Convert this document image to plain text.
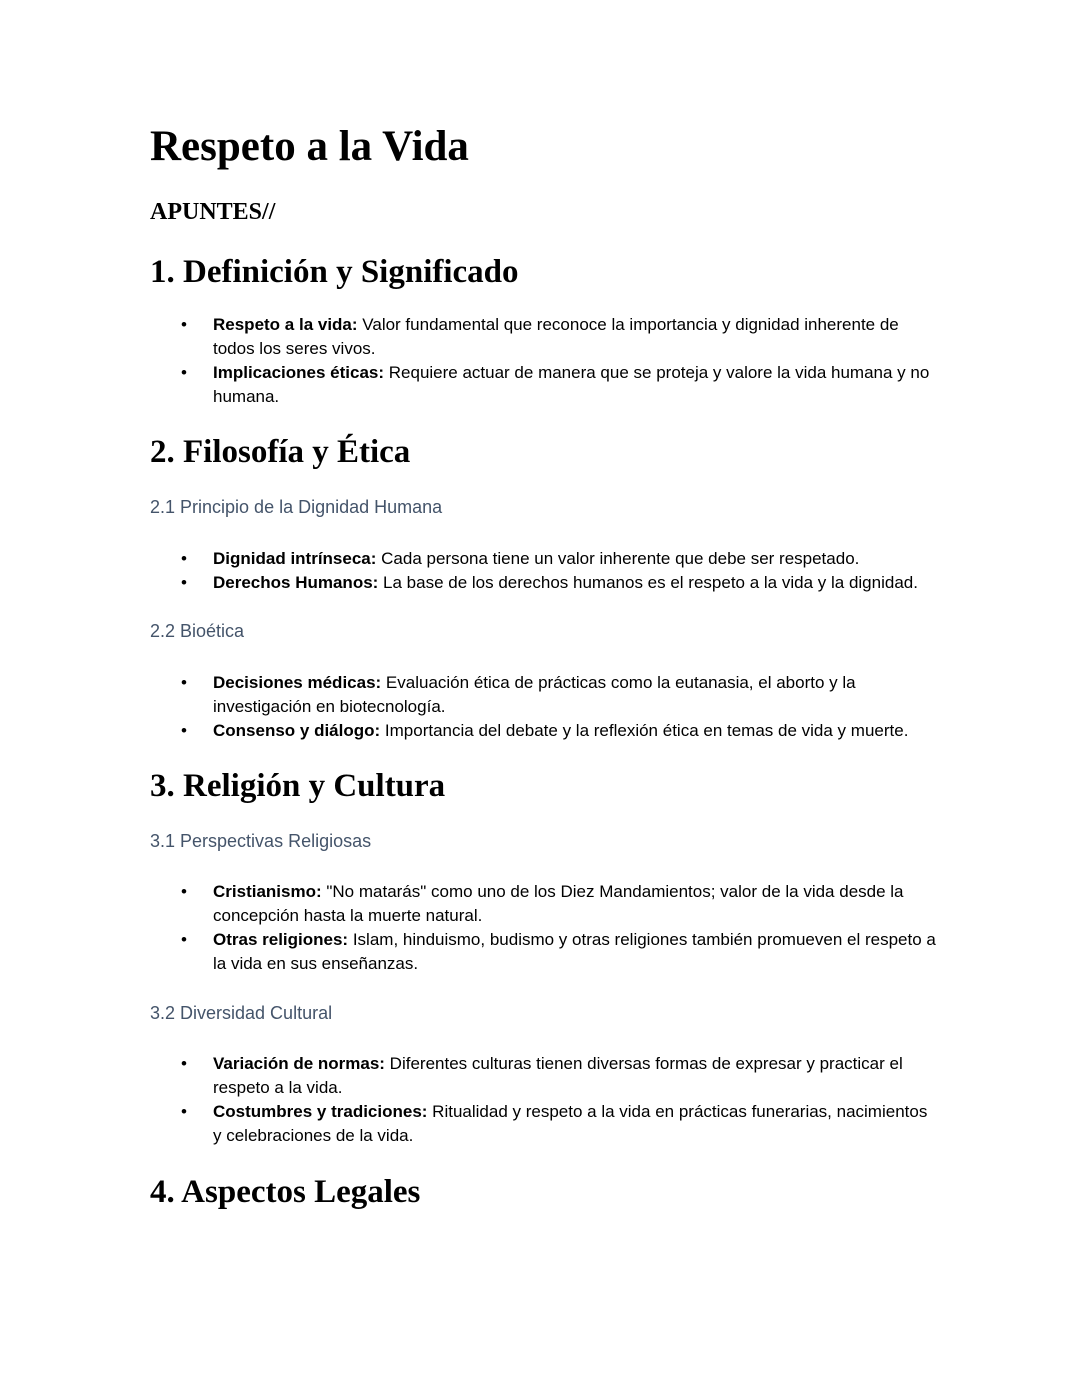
Respeto a la Vida
APUNTES//
1. Definición y Significado
• Respeto a la vida: Valor fundamental que reconoce la importancia y dignidad inherente de todos los seres vivos.
• Implicaciones éticas: Requiere actuar de manera que se proteja y valore la vida humana y no humana.
2. Filosofía y Ética
2.1 Principio de la Dignidad Humana
• Dignidad intrínseca: Cada persona tiene un valor inherente que debe ser respetado.
• Derechos Humanos: La base de los derechos humanos es el respeto a la vida y la dignidad.
2.2 Bioética
• Decisiones médicas: Evaluación ética de prácticas como la eutanasia, el aborto y la investigación en biotecnología.
• Consenso y diálogo: Importancia del debate y la reflexión ética en temas de vida y muerte.
3. Religión y Cultura
3.1 Perspectivas Religiosas
• Cristianismo: "No matarás" como uno de los Diez Mandamientos; valor de la vida desde la concepción hasta la muerte natural.
• Otras religiones: Islam, hinduismo, budismo y otras religiones también promueven el respeto a la vida en sus enseñanzas.
3.2 Diversidad Cultural
• Variación de normas: Diferentes culturas tienen diversas formas de expresar y practicar el respeto a la vida.
• Costumbres y tradiciones: Ritualidad y respeto a la vida en prácticas funerarias, nacimientos y celebraciones de la vida.
4. Aspectos Legales
